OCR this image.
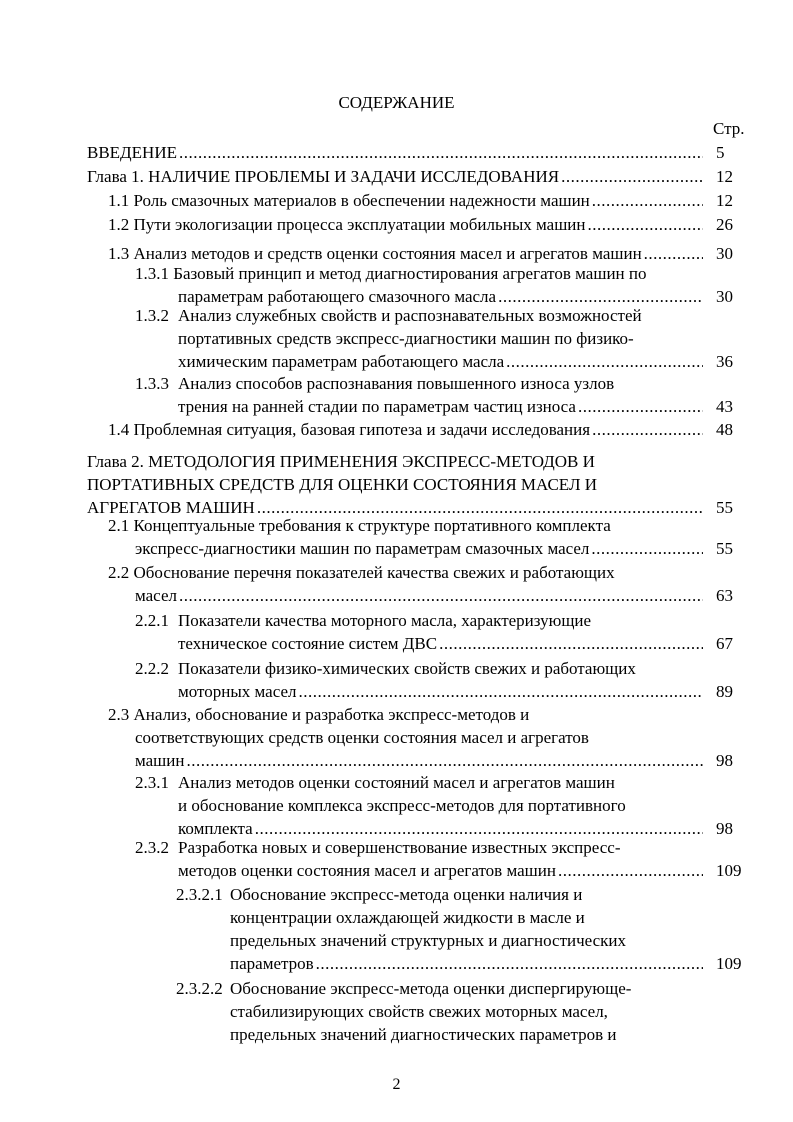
СОДЕРЖАНИЕ
Стр.
5
ВВЕДЕНИЕ
.....
12
Глава 1. НАЛИЧИЕ ПРОБЛЕМЫ И ЗАДАЧИ ИССЛЕДОВАНИЯ
.....
12
1.1 Роль смазочных материалов в обеспечении надежности машин
.....
26
1.2 Пути экологизации процесса эксплуатации мобильных машин
.....
30
1.3 Анализ методов и средств оценки состояния масел и агрегатов машин
.....
1. 3.1 Базовый принцип и метод диагностирования агрегатов машин по
30
параметрам работающего смазочного масла
.....
1.3.2 Анализ служебных свойств и распознавательных возможностей
портативных средств экспресс-диагностики машин по физико-
36
химическим параметрам работающего масла
.....
1.3.3 Анализ способов распознавания повышенного износа узлов
43
трения на ранней стадии по параметрам частиц износа
.....
48
1.4 Проблемная ситуация, базовая гипотеза и задачи исследования
.....
Глава 2. МЕТОДОЛОГИЯ ПРИМЕНЕНИЯ ЭКСПРЕСС-МЕТОДОВ И
ПОРТАТИВНЫХ СРЕДСТВ ДЛЯ ОЦЕНКИ СОСТОЯНИЯ МАСЕЛ И
55
АГРЕГАТОВ МАШИН
.....
2.1 Концептуальные требования к структуре портативного комплекта
55
экспресс-диагностики машин по параметрам смазочных масел
.....
2.2 Обоснование перечня показателей качества свежих и работающих
63
масел
.....
2.2.1 Показатели качества моторного масла, характеризующие
67
техническое состояние систем ДВС
.....
2.2.2 Показатели физико-химических свойств свежих и работающих
89
моторных масел
.....
2.3 Анализ, обоснование и разработка экспресс-методов и
соответствующих средств оценки состояния масел и агрегатов
98
машин
.....
2.3.1 Анализ методов оценки состояний масел и агрегатов машин
и обоснование комплекса экспресс-методов для портативного
98
комплекта
.....
2.3.2 Разработка новых и совершенствование известных экспресс-
109
методов оценки состояния масел и агрегатов машин
.....
2.3.2.1 Обоснование экспресс-метода оценки наличия и
концентрации охлаждающей жидкости в масле и
предельных значений структурных и диагностических
109
параметров
.....
2.3.2.2 Обоснование экспресс-метода оценки диспергирующе-
стабилизирующих свойств свежих моторных масел,
предельных значений диагностических параметров и
2
